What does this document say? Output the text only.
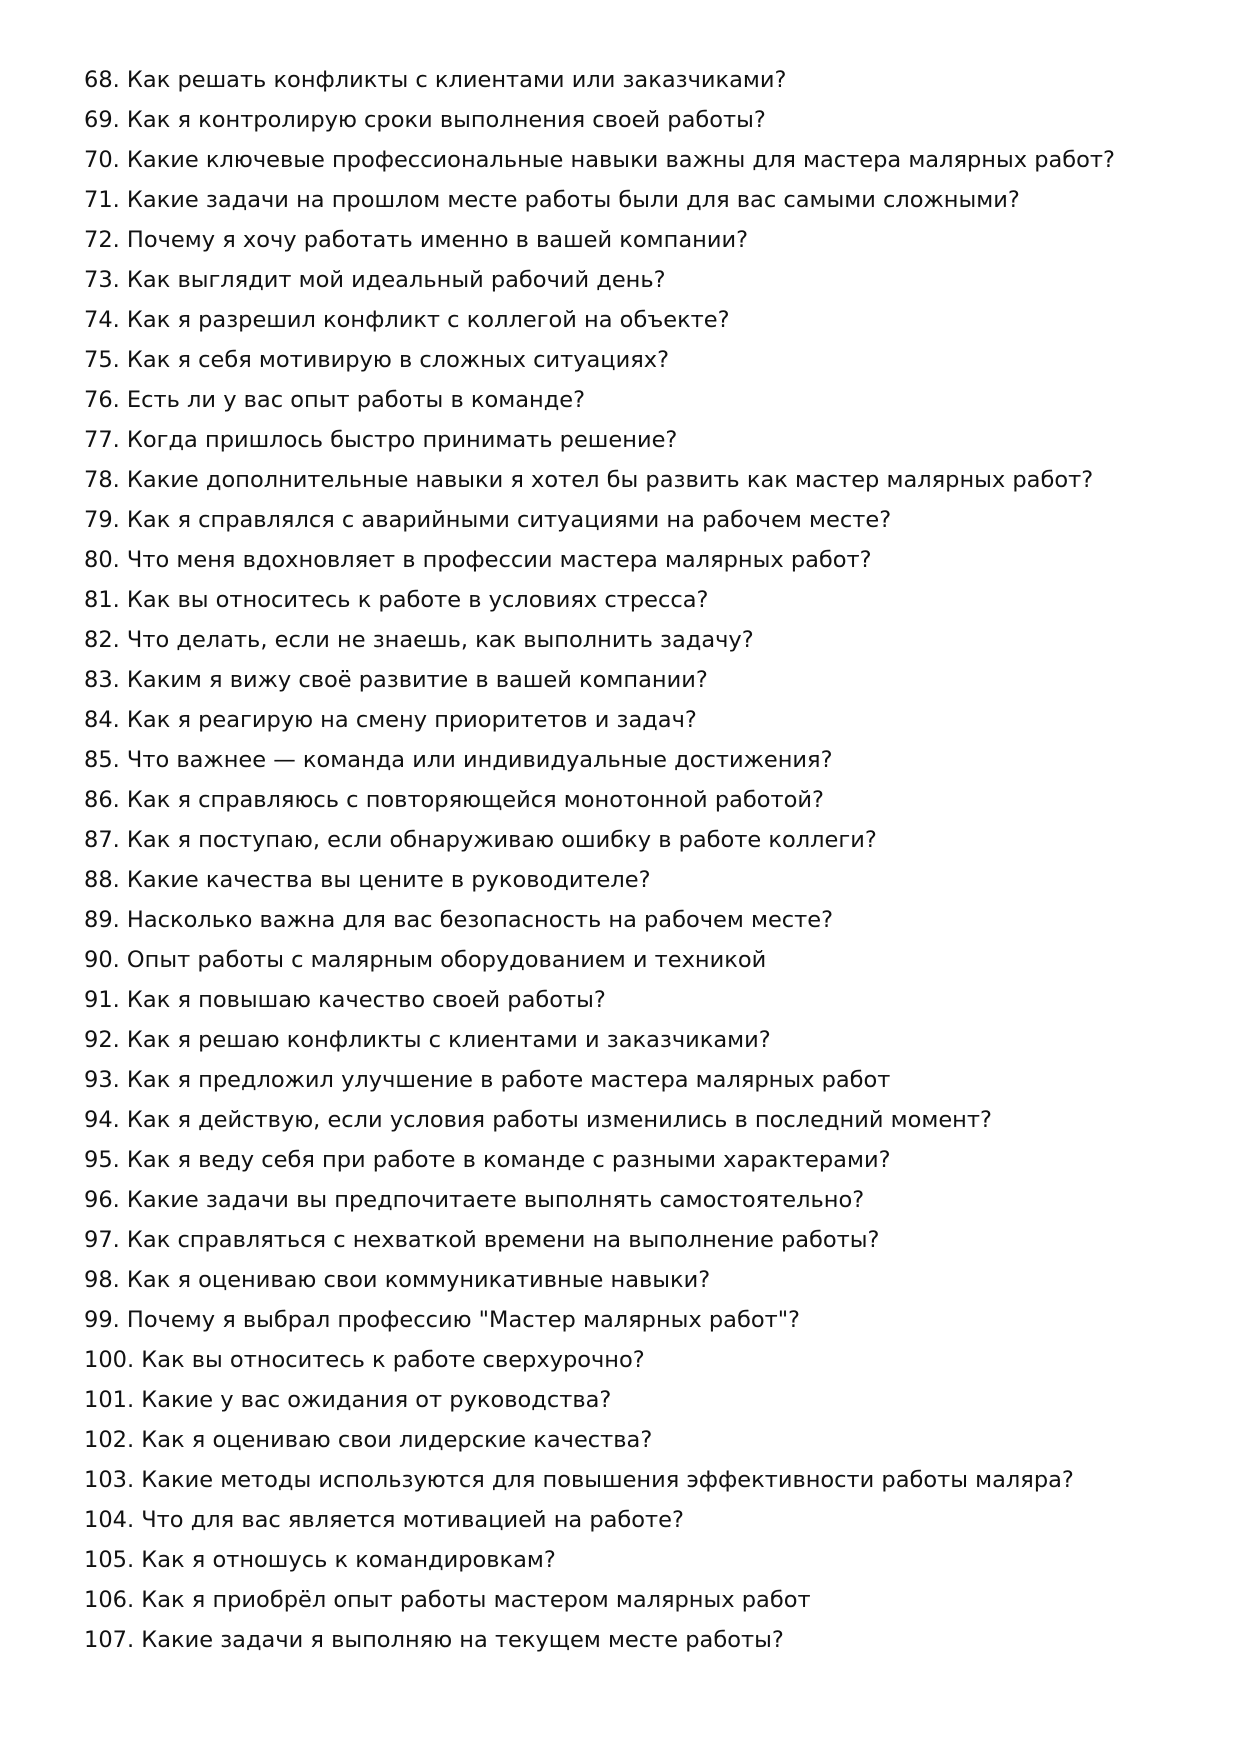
68. Как решать конфликты с клиентами или заказчиками?
69. Как я контролирую сроки выполнения своей работы?
70. Какие ключевые профессиональные навыки важны для мастера малярных работ?
71. Какие задачи на прошлом месте работы были для вас самыми сложными?
72. Почему я хочу работать именно в вашей компании?
73. Как выглядит мой идеальный рабочий день?
74. Как я разрешил конфликт с коллегой на объекте?
75. Как я себя мотивирую в сложных ситуациях?
76. Есть ли у вас опыт работы в команде?
77. Когда пришлось быстро принимать решение?
78. Какие дополнительные навыки я хотел бы развить как мастер малярных работ?
79. Как я справлялся с аварийными ситуациями на рабочем месте?
80. Что меня вдохновляет в профессии мастера малярных работ?
81. Как вы относитесь к работе в условиях стресса?
82. Что делать, если не знаешь, как выполнить задачу?
83. Каким я вижу своё развитие в вашей компании?
84. Как я реагирую на смену приоритетов и задач?
85. Что важнее — команда или индивидуальные достижения?
86. Как я справляюсь с повторяющейся монотонной работой?
87. Как я поступаю, если обнаруживаю ошибку в работе коллеги?
88. Какие качества вы цените в руководителе?
89. Насколько важна для вас безопасность на рабочем месте?
90. Опыт работы с малярным оборудованием и техникой
91. Как я повышаю качество своей работы?
92. Как я решаю конфликты с клиентами и заказчиками?
93. Как я предложил улучшение в работе мастера малярных работ
94. Как я действую, если условия работы изменились в последний момент?
95. Как я веду себя при работе в команде с разными характерами?
96. Какие задачи вы предпочитаете выполнять самостоятельно?
97. Как справляться с нехваткой времени на выполнение работы?
98. Как я оцениваю свои коммуникативные навыки?
99. Почему я выбрал профессию "Мастер малярных работ"?
100. Как вы относитесь к работе сверхурочно?
101. Какие у вас ожидания от руководства?
102. Как я оцениваю свои лидерские качества?
103. Какие методы используются для повышения эффективности работы маляра?
104. Что для вас является мотивацией на работе?
105. Как я отношусь к командировкам?
106. Как я приобрёл опыт работы мастером малярных работ
107. Какие задачи я выполняю на текущем месте работы?
